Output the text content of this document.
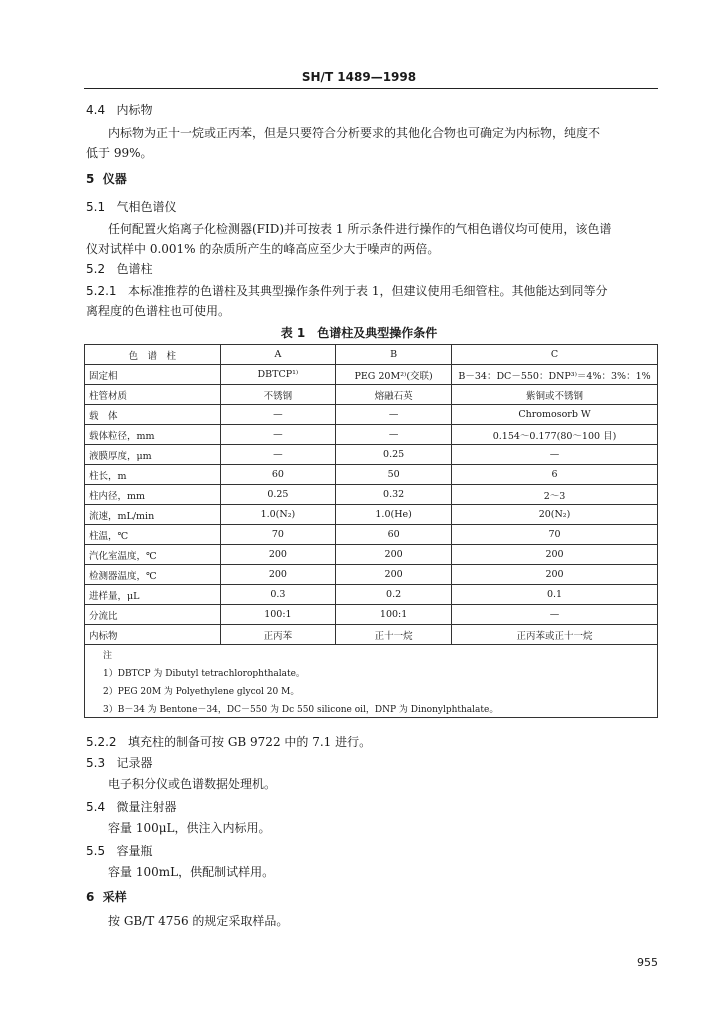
SH/T 1489—1998
4.4 内标物
内标物为正十一烷或正丙苯，但是只要符合分析要求的其他化合物也可确定为内标物，纯度不
低于 99%。
5 仪器
5.1 气相色谱仪
任何配置火焰离子化检测器(FID)并可按表 1 所示条件进行操作的气相色谱仪均可使用，该色谱
仪对试样中 0.001% 的杂质所产生的峰高应至少大于噪声的两倍。
5.2 色谱柱
5.2.1 本标准推荐的色谱柱及其典型操作条件列于表 1，但建议使用毛细管柱。其他能达到同等分
离程度的色谱柱也可使用。
表 1　色谱柱及典型操作条件
色　谱　柱	A	B	C
固定相	DBTCP¹⁾	PEG 20M²⁾(交联)	B－34：DC－550：DNP³⁾＝4%：3%：1%
柱管材质	不锈钢	熔融石英	紫铜或不锈钢
载　体	—	—	Chromosorb W
载体粒径，mm	—	—	0.154～0.177(80～100 目)
液膜厚度，μm	—	0.25	—
柱长，m	60	50	6
柱内径，mm	0.25	0.32	2～3
流速，mL/min	1.0(N₂)	1.0(He)	20(N₂)
柱温，℃	70	60	70
汽化室温度，℃	200	200	200
检测器温度，℃	200	200	200
进样量，μL	0.3	0.2	0.1
分流比	100:1	100:1	—
内标物	正丙苯	正十一烷	正丙苯或正十一烷
注
1）DBTCP 为 Dibutyl tetrachlorophthalate。
2）PEG 20M 为 Polyethylene glycol 20 M。
3）B－34 为 Bentone－34，DC－550 为 Dc 550 silicone oil，DNP 为 Dinonylphthalate。
5.2.2 填充柱的制备可按 GB 9722 中的 7.1 进行。
5.3 记录器
电子积分仪或色谱数据处理机。
5.4 微量注射器
容量 100μL，供注入内标用。
5.5 容量瓶
容量 100mL，供配制试样用。
6 采样
按 GB/T 4756 的规定采取样品。
955
